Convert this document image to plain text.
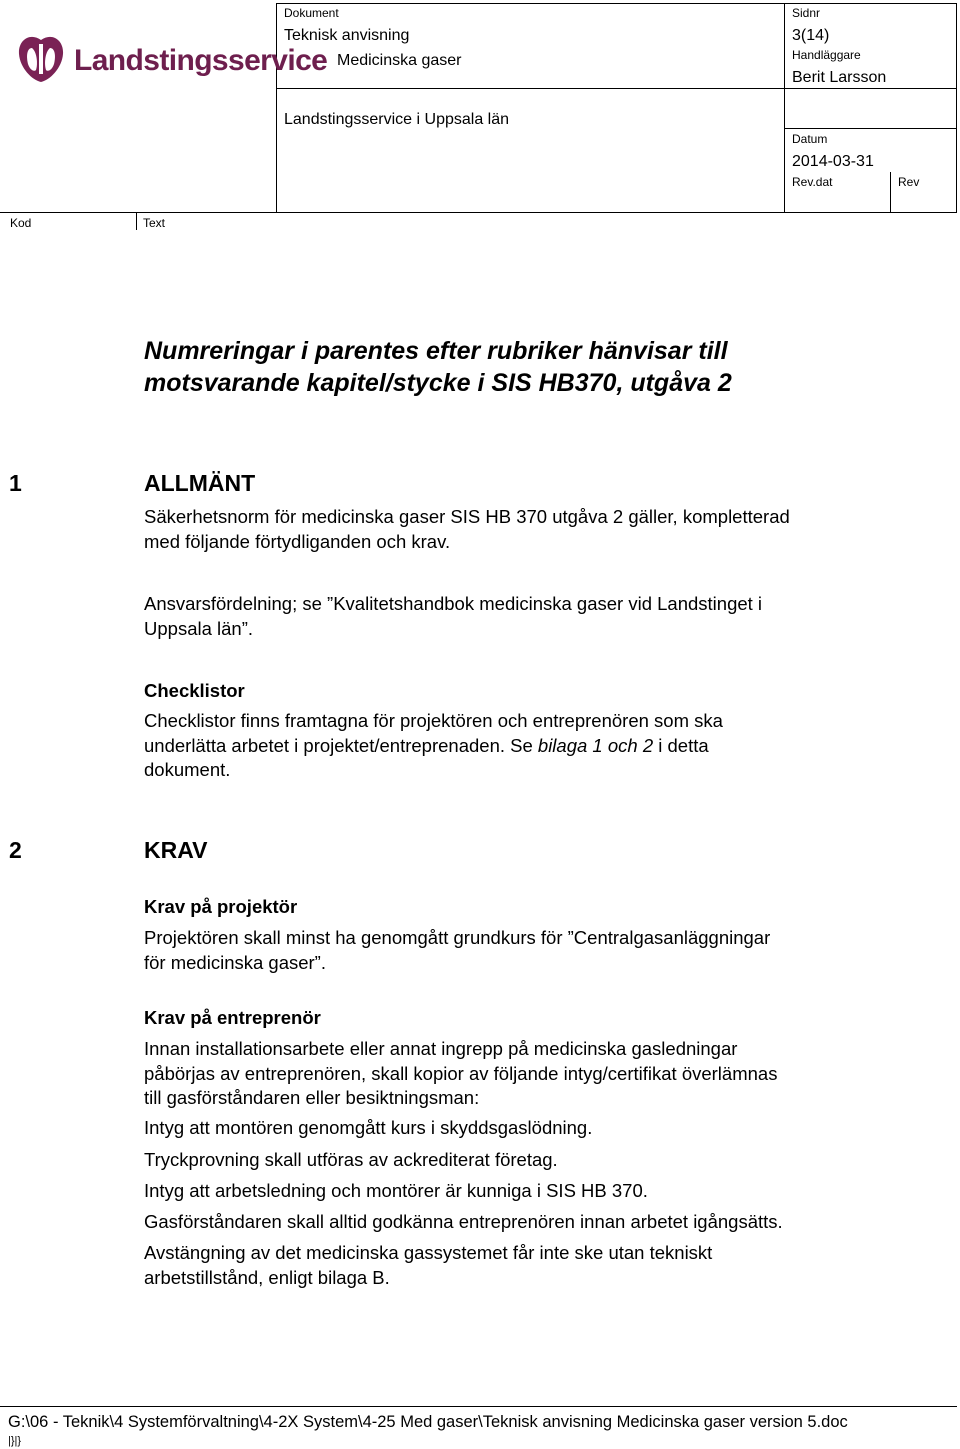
Landstingsservice
Dokument
Teknisk anvisning
Medicinska gaser
Landstingsservice i Uppsala län
Sidnr
3(14)
Handläggare
Berit Larsson
Datum
2014-03-31
Rev.dat	Rev
Kod	Text
Numreringar i parentes efter rubriker hänvisar till
motsvarande kapitel/stycke i SIS HB370, utgåva 2
1	ALLMÄNT
Säkerhetsnorm för medicinska gaser SIS HB 370 utgåva 2 gäller, kompletterad
med följande förtydliganden och krav.
Ansvarsfördelning; se ”Kvalitetshandbok medicinska gaser vid Landstinget i
Uppsala län”.
Checklistor
Checklistor finns framtagna för projektören och entreprenören som ska
underlätta arbetet i projektet/entreprenaden. Se bilaga 1 och 2 i detta
dokument.
2	KRAV
Krav på projektör
Projektören skall minst ha genomgått grundkurs för ”Centralgasanläggningar
för medicinska gaser”.
Krav på entreprenör
Innan installationsarbete eller annat ingrepp på medicinska gasledningar
påbörjas av entreprenören, skall kopior av följande intyg/certifikat överlämnas
till gasförståndaren eller besiktningsman:
Intyg att montören genomgått kurs i skyddsgaslödning.
Tryckprovning skall utföras av ackrediterat företag.
Intyg att arbetsledning och montörer är kunniga i SIS HB 370.
Gasförståndaren skall alltid godkänna entreprenören innan arbetet igångsätts.
Avstängning av det medicinska gassystemet får inte ske utan tekniskt
arbetstillstånd, enligt bilaga B.
G:\06 - Teknik\4 Systemförvaltning\4-2X System\4-25 Med gaser\Teknisk anvisning Medicinska gaser version 5.doc
|}|}
